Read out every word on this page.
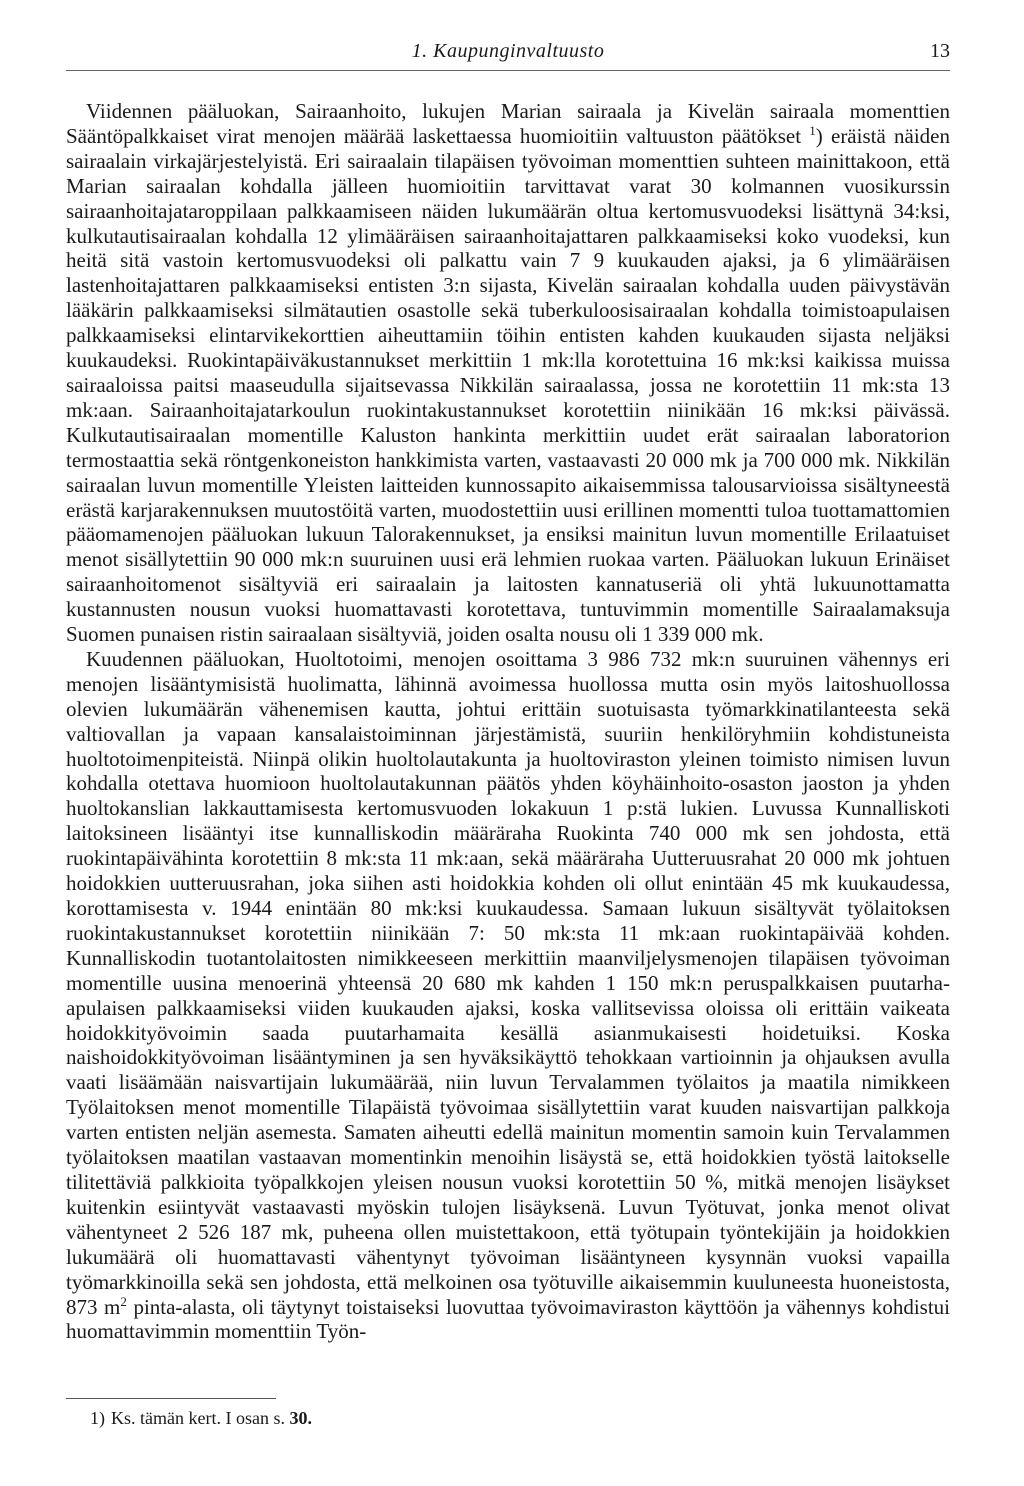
1. Kaupunginvaltuusto	13

Viidennen pääluokan, Sairaanhoito, lukujen Marian sairaala ja Kivelän sairaala momenttien Sääntöpalkkaiset virat menojen määrää laskettaessa huomioitiin valtuuston päätökset $^1$) eräistä näiden sairaalain virkajärjestelyistä. Eri sairaalain tilapäisen työvoiman momenttien suhteen mainittakoon, että Marian sairaalan kohdalla jälleen huomioitiin tarvittavat varat 30 kolmannen vuosikurssin sairaanhoitajataroppilaan palkkaamiseen näiden lukumäärän oltua kertomusvuodeksi lisättynä 34:ksi, kulkutautisairaalan kohdalla 12 ylimääräisen sairaanhoitajattaren palkkaamiseksi koko vuodeksi, kun heitä sitä vastoin kertomusvuodeksi oli palkattu vain 7 9 kuukauden ajaksi, ja 6 ylimääräisen lastenhoitajattaren palkkaamiseksi entisten 3:n sijasta, Kivelän sairaalan kohdalla uuden päivystävän lääkärin palkkaamiseksi silmätautien osastolle sekä tuberkuloosisairaalan kohdalla toimistoapulaisen palkkaamiseksi elintarvikekorttien aiheuttamiin töihin entisten kahden kuukauden sijasta neljäksi kuukaudeksi. Ruokintapäiväkustannukset merkittiin 1 mk:lla korotettuina 16 mk:ksi kaikissa muissa sairaaloissa paitsi maaseudulla sijaitsevassa Nikkilän sairaalassa, jossa ne korotettiin 11 mk:sta 13 mk:aan. Sairaanhoitajatarkoulun ruokintakustannukset korotettiin niinikään 16 mk:ksi päivässä. Kulkutautisairaalan momentille Kaluston hankinta merkittiin uudet erät sairaalan laboratorion termostaattia sekä röntgenkoneiston hankkimista varten, vastaavasti 20 000 mk ja 700 000 mk. Nikkilän sairaalan luvun momentille Yleisten laitteiden kunnossapito aikaisemmissa talousarvioissa sisältyneestä erästä karjarakennuksen muutostöitä varten, muodostettiin uusi erillinen momentti tuloa tuottamattomien pääomamenojen pääluokan lukuun Talorakennukset, ja ensiksi mainitun luvun momentille Erilaatuiset menot sisällytettiin 90 000 mk:n suuruinen uusi erä lehmien ruokaa varten. Pääluokan lukuun Erinäiset sairaanhoitomenot sisältyviä eri sairaalain ja laitosten kannatuseriä oli yhtä lukuunottamatta kustannusten nousun vuoksi huomattavasti korotettava, tuntuvimmin momentille Sairaalamaksuja Suomen punaisen ristin sairaalaan sisältyviä, joiden osalta nousu oli 1 339 000 mk.

Kuudennen pääluokan, Huoltotoimi, menojen osoittama 3 986 732 mk:n suuruinen vähennys eri menojen lisääntymisistä huolimatta, lähinnä avoimessa huollossa mutta osin myös laitoshuollossa olevien lukumäärän vähenemisen kautta, johtui erittäin suotuisasta työmarkkinatilanteesta sekä valtiovallan ja vapaan kansalaistoiminnan järjestämistä, suuriin henkilöryhmiin kohdistuneista huoltotoimenpiteistä. Niinpä olikin huoltolautakunta ja huoltoviraston yleinen toimisto nimisen luvun kohdalla otettava huomioon huoltolautakunnan päätös yhden köyhäinhoito-osaston jaoston ja yhden huoltokanslian lakkauttamisesta kertomusvuoden lokakuun 1 p:stä lukien. Luvussa Kunnalliskoti laitoksineen lisääntyi itse kunnalliskodin määräraha Ruokinta 740 000 mk sen johdosta, että ruokintapäivähinta korotettiin 8 mk:sta 11 mk:aan, sekä määräraha Uutteruusrahat 20 000 mk johtuen hoidokkien uutteruusrahan, joka siihen asti hoidokkia kohden oli ollut enintään 45 mk kuukaudessa, korottamisesta v. 1944 enintään 80 mk:ksi kuukaudessa. Samaan lukuun sisältyvät työlaitoksen ruokintakustannukset korotettiin niinikään 7: 50 mk:sta 11 mk:aan ruokintapäivää kohden. Kunnalliskodin tuotantolaitosten nimikkeeseen merkittiin maanviljelysmenojen tilapäisen työvoiman momentille uusina menoerinä yhteensä 20 680 mk kahden 1 150 mk:n peruspalkkaisen puutarha-apulaisen palkkaamiseksi viiden kuukauden ajaksi, koska vallitsevissa oloissa oli erittäin vaikeata hoidokkityövoimin saada puutarhamaita kesällä asianmukaisesti hoidetuiksi. Koska naishoidokkityövoiman lisääntyminen ja sen hyväksikäyttö tehokkaan vartioinnin ja ohjauksen avulla vaati lisäämään naisvartijain lukumäärää, niin luvun Tervalammen työlaitos ja maatila nimikkeen Työlaitoksen menot momentille Tilapäistä työvoimaa sisällytettiin varat kuuden naisvartijan palkkoja varten entisten neljän asemesta. Samaten aiheutti edellä mainitun momentin samoin kuin Tervalammen työlaitoksen maatilan vastaavan momentinkin menoihin lisäystä se, että hoidokkien työstä laitokselle tilitettäviä palkkioita työpalkkojen yleisen nousun vuoksi korotettiin 50 %, mitkä menojen lisäykset kuitenkin esiintyvät vastaavasti myöskin tulojen lisäyksenä. Luvun Työtuvat, jonka menot olivat vähentyneet 2 526 187 mk, puheena ollen muistettakoon, että työtupain työntekijäin ja hoidokkien lukumäärä oli huomattavasti vähentynyt työvoiman lisääntyneen kysynnän vuoksi vapailla työmarkkinoilla sekä sen johdosta, että melkoinen osa työtuville aikaisemmin kuuluneesta huoneistosta, 873 $m^2$ pinta-alasta, oli täytynyt toistaiseksi luovuttaa työvoimaviraston käyttöön ja vähennys kohdistui huomattavimmin momenttiin Työn-

1) Ks. tämän kert. I osan s. 30.
